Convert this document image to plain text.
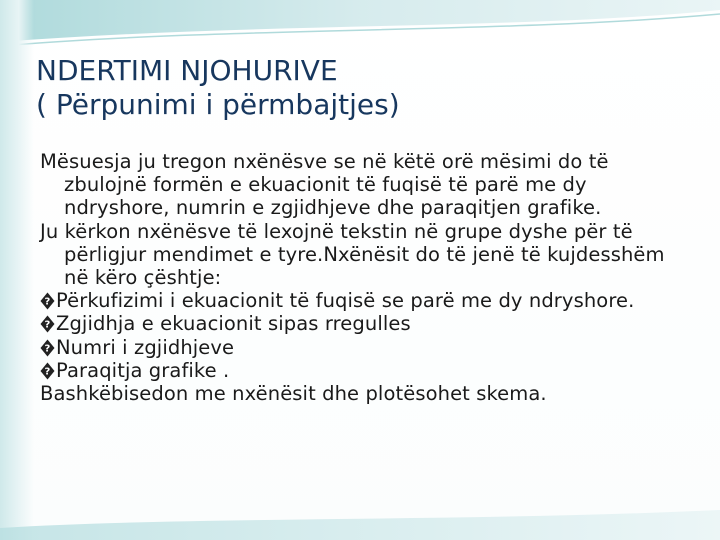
NDERTIMI NJOHURIVE
( Përpunimi i përmbajtjes)
Mësuesja ju tregon nxënësve se në këtë orë mësimi do të zbulojnë formën e ekuacionit të fuqisë të parë me dy ndryshore, numrin e zgjidhjeve dhe paraqitjen grafike.
Ju kërkon nxënësve të lexojnë tekstin në grupe dyshe për të përligjur mendimet e tyre.Nxënësit do të jenë të kujdesshëm në këro çështje:
? Përkufizimi i ekuacionit të fuqisë se parë me dy ndryshore.
? Zgjidhja e ekuacionit sipas rregulles
? Numri i zgjidhjeve
? Paraqitja grafike .
Bashkëbisedon me nxënësit dhe plotësohet skema.
